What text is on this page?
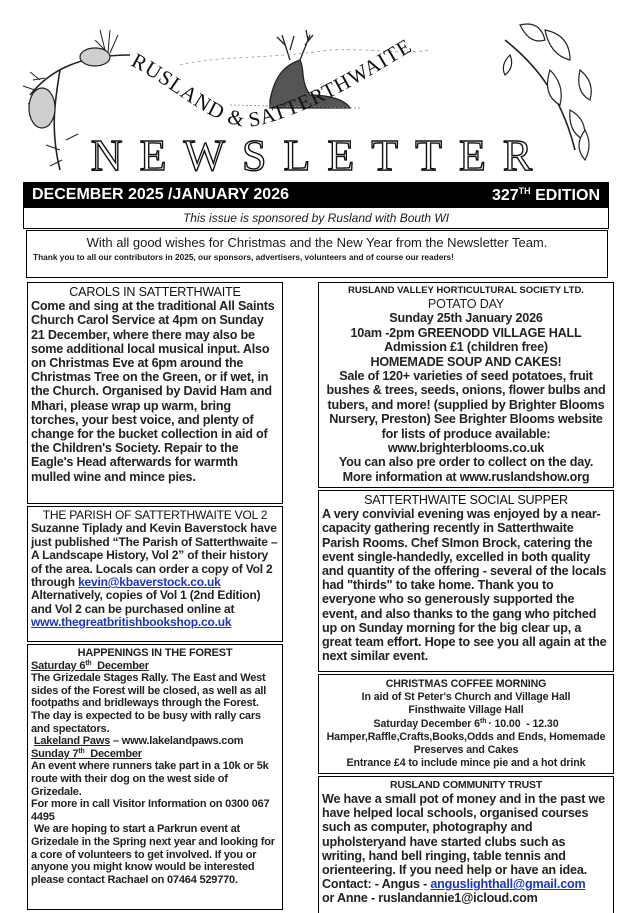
RUSLAND & SATTERTHWAITE
NEWSLETTER
DECEMBER 2025 /JANUARY 2026	327TH EDITION
This issue is sponsored by Rusland with Bouth WI
With all good wishes for Christmas and the New Year from the Newsletter Team.
Thank you to all our contributors in 2025, our sponsors, advertisers, volunteers and of course our readers!
CAROLS IN SATTERTHWAITE
Come and sing at the traditional All Saints Church Carol Service at 4pm on Sunday 21 December, where there may also be some additional local musical input. Also on Christmas Eve at 6pm around the Christmas Tree on the Green, or if wet, in the Church. Organised by David Ham and Mhari, please wrap up warm, bring torches, your best voice, and plenty of change for the bucket collection in aid of the Children's Society. Repair to the Eagle's Head afterwards for warmth mulled wine and mince pies.
THE PARISH OF SATTERTHWAITE VOL 2
Suzanne Tiplady and Kevin Baverstock have just published “The Parish of Satterthwaite – A Landscape History, Vol 2” of their history of the area. Locals can order a copy of Vol 2 through kevin@kbaverstock.co.uk
Alternatively, copies of Vol 1 (2nd Edition) and Vol 2 can be purchased online at www.thegreatbritishbookshop.co.uk
HAPPENINGS IN THE FOREST
Saturday 6th  December
The Grizedale Stages Rally. The East and West sides of the Forest will be closed, as well as all footpaths and bridleways through the Forest. The day is expected to be busy with rally cars and spectators.
Lakeland Paws – www.lakelandpaws.com
Sunday 7th  December
An event where runners take part in a 10k or 5k route with their dog on the west side of Grizedale.
For more in call Visitor Information on 0300 067 4495
We are hoping to start a Parkrun event at Grizedale in the Spring next year and looking for a core of volunteers to get involved. If you or anyone you might know would be interested please contact Rachael on 07464 529770.
RUSLAND VALLEY HORTICULTURAL SOCIETY LTD.
POTATO DAY
Sunday 25th January 2026
10am -2pm GREENODD VILLAGE HALL
Admission £1 (children free)
HOMEMADE SOUP AND CAKES!
Sale of 120+ varieties of seed potatoes, fruit bushes & trees, seeds, onions, flower bulbs and tubers, and more! (supplied by Brighter Blooms Nursery, Preston) See Brighter Blooms website for lists of produce available:
www.brighterblooms.co.uk
You can also pre order to collect on the day.
More information at www.ruslandshow.org
SATTERTHWAITE SOCIAL SUPPER
A very convivial evening was enjoyed by a near-capacity gathering recently in Satterthwaite Parish Rooms. Chef SImon Brock, catering the event single-handedly, excelled in both quality and quantity of the offering - several of the locals had "thirds" to take home. Thank you to everyone who so generously supported the event, and also thanks to the gang who pitched up on Sunday morning for the big clear up, a great team effort. Hope to see you all again at the next similar event.
CHRISTMAS COFFEE MORNING
In aid of St Peter's Church and Village Hall
Finsthwaite Village Hall
Saturday December 6th · 10.00  - 12.30
Hamper,Raffle,Crafts,Books,Odds and Ends, Homemade Preserves and Cakes
Entrance £4 to include mince pie and a hot drink
RUSLAND COMMUNITY TRUST
We have a small pot of money and in the past we have helped local schools, organised courses such as computer, photography and upholsteryand have started clubs such as writing, hand bell ringing, table tennis and orienteering. If you need help or have an idea.
Contact: - Angus - anguslighthall@gmail.com
or Anne - ruslandannie1@icloud.com
